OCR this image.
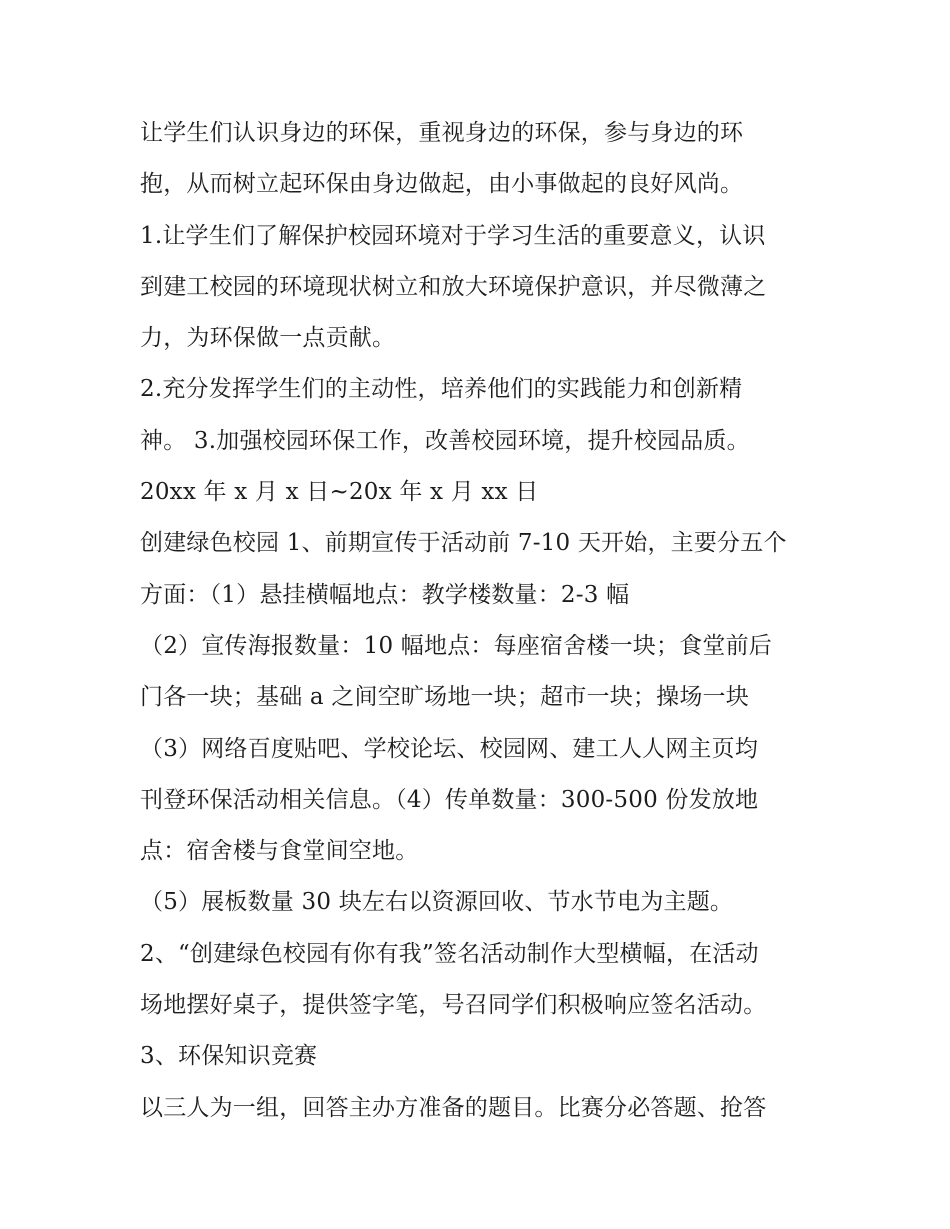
让学生们认识身边的环保，重视身边的环保，参与身边的环
抱，从而树立起环保由身边做起，由小事做起的良好风尚。
1.让学生们了解保护校园环境对于学习生活的重要意义，认识
到建工校园的环境现状树立和放大环境保护意识，并尽微薄之
力，为环保做一点贡献。
2.充分发挥学生们的主动性，培养他们的实践能力和创新精
神。 3.加强校园环保工作，改善校园环境，提升校园品质。
20xx 年 x 月 x 日~20x 年 x 月 xx 日
创建绿色校园 1、前期宣传于活动前 7-10 天开始，主要分五个
方面：（1）悬挂横幅地点：教学楼数量：2-3 幅
（2）宣传海报数量：10 幅地点：每座宿舍楼一块；食堂前后
门各一块；基础 a 之间空旷场地一块；超市一块；操场一块
（3）网络百度贴吧、学校论坛、校园网、建工人人网主页均
刊登环保活动相关信息。（4）传单数量：300-500 份发放地
点：宿舍楼与食堂间空地。
（5）展板数量 30 块左右以资源回收、节水节电为主题。
2、“创建绿色校园有你有我”签名活动制作大型横幅，在活动
场地摆好桌子，提供签字笔，号召同学们积极响应签名活动。
3、环保知识竞赛
以三人为一组，回答主办方准备的题目。比赛分必答题、抢答
